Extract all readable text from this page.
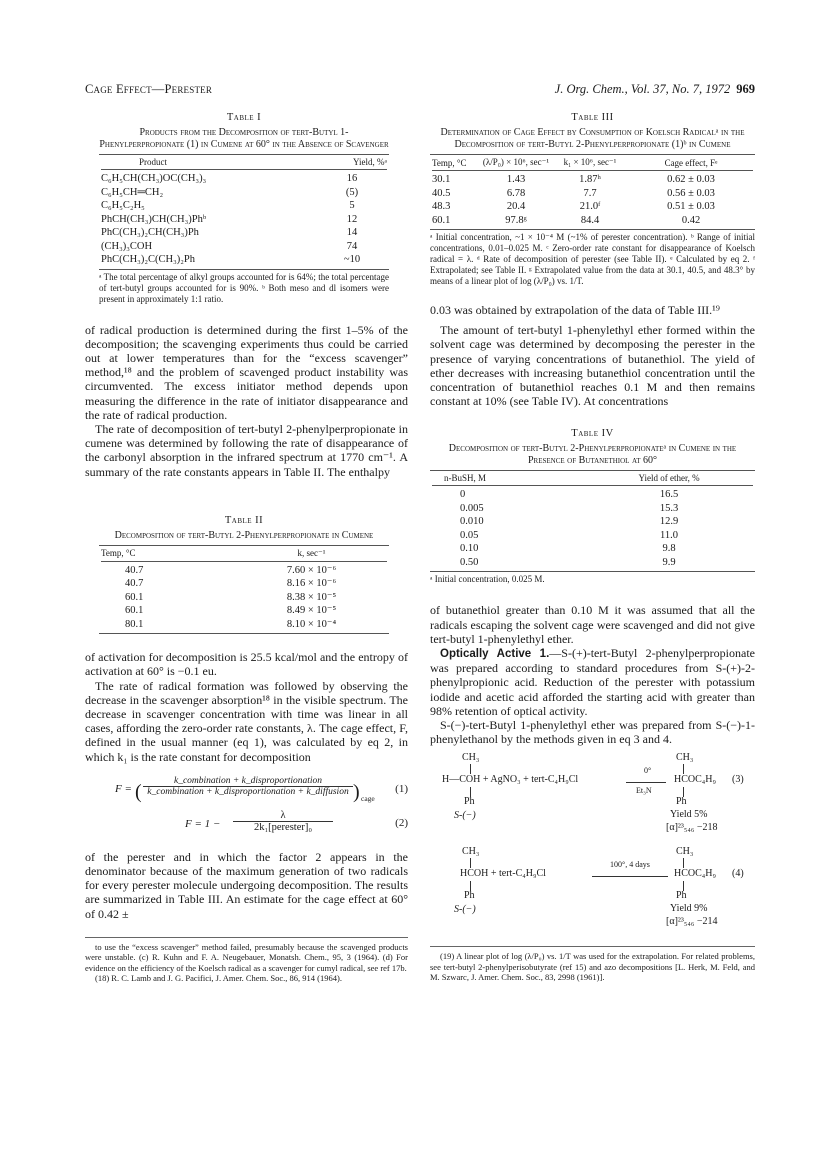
Cage Effect—Perester	J. Org. Chem., Vol. 37, No. 7, 1972 969
Table I
Products from the Decomposition of tert-Butyl 1-Phenylperpropionate (1) in Cumene at 60° in the Absence of Scavenger
Product	Yield, %ᵃ

C₆H₅CH(CH₃)OC(CH₃)₃	16
C₆H₅CH═CH₂	(5)
C₆H₅C₂H₅	5
PhCH(CH₃)CH(CH₃)Phᵇ	12
PhC(CH₃)₂CH(CH₃)Ph	14
(CH₃)₃COH	74
PhC(CH₃)₂C(CH₃)₂Ph	~10
ᵃ The total percentage of alkyl groups accounted for is 64%; the total percentage of tert-butyl groups accounted for is 90%. ᵇ Both meso and dl isomers were present in approximately 1:1 ratio.

of radical production is determined during the first 1–5% of the decomposition; the scavenging experiments thus could be carried out at lower temperatures than for the “excess scavenger” method,¹⁸ and the problem of scavenged product instability was circumvented. The excess initiator method depends upon measuring the difference in the rate of initiator disappearance and the rate of radical production.

The rate of decomposition of tert-butyl 2-phenylperpropionate in cumene was determined by following the rate of disappearance of the carbonyl absorption in the infrared spectrum at 1770 cm⁻¹. A summary of the rate constants appears in Table II. The enthalpy

Table II
Decomposition of tert-Butyl 2-Phenylperpropionate in Cumene
Temp, °C	k, sec⁻¹

40.7	7.60 × 10⁻⁶
40.7	8.16 × 10⁻⁶
60.1	8.38 × 10⁻⁵
60.1	8.49 × 10⁻⁵
80.1	8.10 × 10⁻⁴

of activation for decomposition is 25.5 kcal/mol and the entropy of activation at 60° is −0.1 eu.

The rate of radical formation was followed by observing the decrease in the scavenger absorption¹⁸ in the visible spectrum. The decrease in scavenger concentration with time was linear in all cases, affording the zero-order rate constants, λ. The cage effect, F, defined in the usual manner (eq 1), was calculated by eq 2, in which k₁ is the rate constant for decomposition

F = (	k_combination + k_disproportionation
k_combination + k_disproportionation + k_diffusion ) cage
(1)
F = 1 −
λ
2k₁[perester]₀	(2)

of the perester and in which the factor 2 appears in the denominator because of the maximum generation of two radicals for every perester molecule undergoing decomposition. The results are summarized in Table III. An estimate for the cage effect at 60° of 0.42 ±

to use the “excess scavenger” method failed, presumably because the scavenged products were unstable. (c) R. Kuhn and F. A. Neugebauer, Monatsh. Chem., 95, 3 (1964). (d) For evidence on the efficiency of the Koelsch radical as a scavenger for cumyl radical, see ref 17b.
(18) R. C. Lamb and J. G. Pacifici, J. Amer. Chem. Soc., 86, 914 (1964).
Table III
Determination of Cage Effect by Consumption of Koelsch Radicalᵃ in the Decomposition of tert-Butyl 2-Phenylperpropionate (1)ᵇ in Cumene
Temp, °C	(λ/P₀) × 10⁶, sec⁻¹	k₁ × 10⁶, sec⁻¹	Cage effect, Fᵉ

30.1	1.43	1.87ʰ	0.62 ± 0.03
40.5	6.78	7.7	0.56 ± 0.03
48.3	20.4	21.0ᶠ	0.51 ± 0.03
60.1	97.8ᵍ	84.4	0.42
ᵃ Initial concentration, ~1 × 10⁻⁴ M (~1% of perester concentration). ᵇ Range of initial concentrations, 0.01–0.025 M. ᶜ Zero-order rate constant for disappearance of Koelsch radical = λ. ᵈ Rate of decomposition of perester (see Table II). ᵉ Calculated by eq 2. ᶠ Extrapolated; see Table II. ᵍ Extrapolated value from the data at 30.1, 40.5, and 48.3° by means of a linear plot of log (λ/P₀) vs. 1/T.

0.03 was obtained by extrapolation of the data of Table III.¹⁹

The amount of tert-butyl 1-phenylethyl ether formed within the solvent cage was determined by decomposing the perester in the presence of varying concentrations of butanethiol. The yield of ether decreases with increasing butanethiol concentration until the concentration of butanethiol reaches 0.1 M and then remains constant at 10% (see Table IV). At concentrations

Table IV
Decomposition of tert-Butyl 2-Phenylperpropionateᵃ in Cumene in the Presence of Butanethiol at 60°
n-BuSH, M	Yield of ether, %

0	16.5
0.005	15.3
0.010	12.9
0.05	11.0
0.10	9.8
0.50	9.9
ᵃ Initial concentration, 0.025 M.

of butanethiol greater than 0.10 M it was assumed that all the radicals escaping the solvent cage were scavenged and did not give tert-butyl 1-phenylethyl ether.

Optically Active 1.—S-(+)-tert-Butyl 2-phenylperpropionate was prepared according to standard procedures from S-(+)-2-phenylpropionic acid. Reduction of the perester with potassium iodide and acetic acid afforded the starting acid with greater than 98% retention of optical activity.

S-(−)-tert-Butyl 1-phenylethyl ether was prepared from S-(−)-1-phenylethanol by the methods given in eq 3 and 4.

CH₃
H—COH + AgNO₃ + tert-C₄H₉Cl
Ph
S-(−)
0°
Et₃N
CH₃
HCOC₄H₉
Ph
Yield 5%
[α]²³₅₄₆ −218
(3)
CH₃
HCOH + tert-C₄H₉Cl
Ph
S-(−)
100°, 4 days
CH₃
HCOC₄H₉
Ph
Yield 9%
[α]²³₅₄₆ −214
(4)
(19) A linear plot of log (λ/P₀) vs. 1/T was used for the extrapolation. For related problems, see tert-butyl 2-phenylperisobutyrate (ref 15) and azo decompositions [L. Herk, M. Feld, and M. Szwarc, J. Amer. Chem. Soc., 83, 2998 (1961)].
